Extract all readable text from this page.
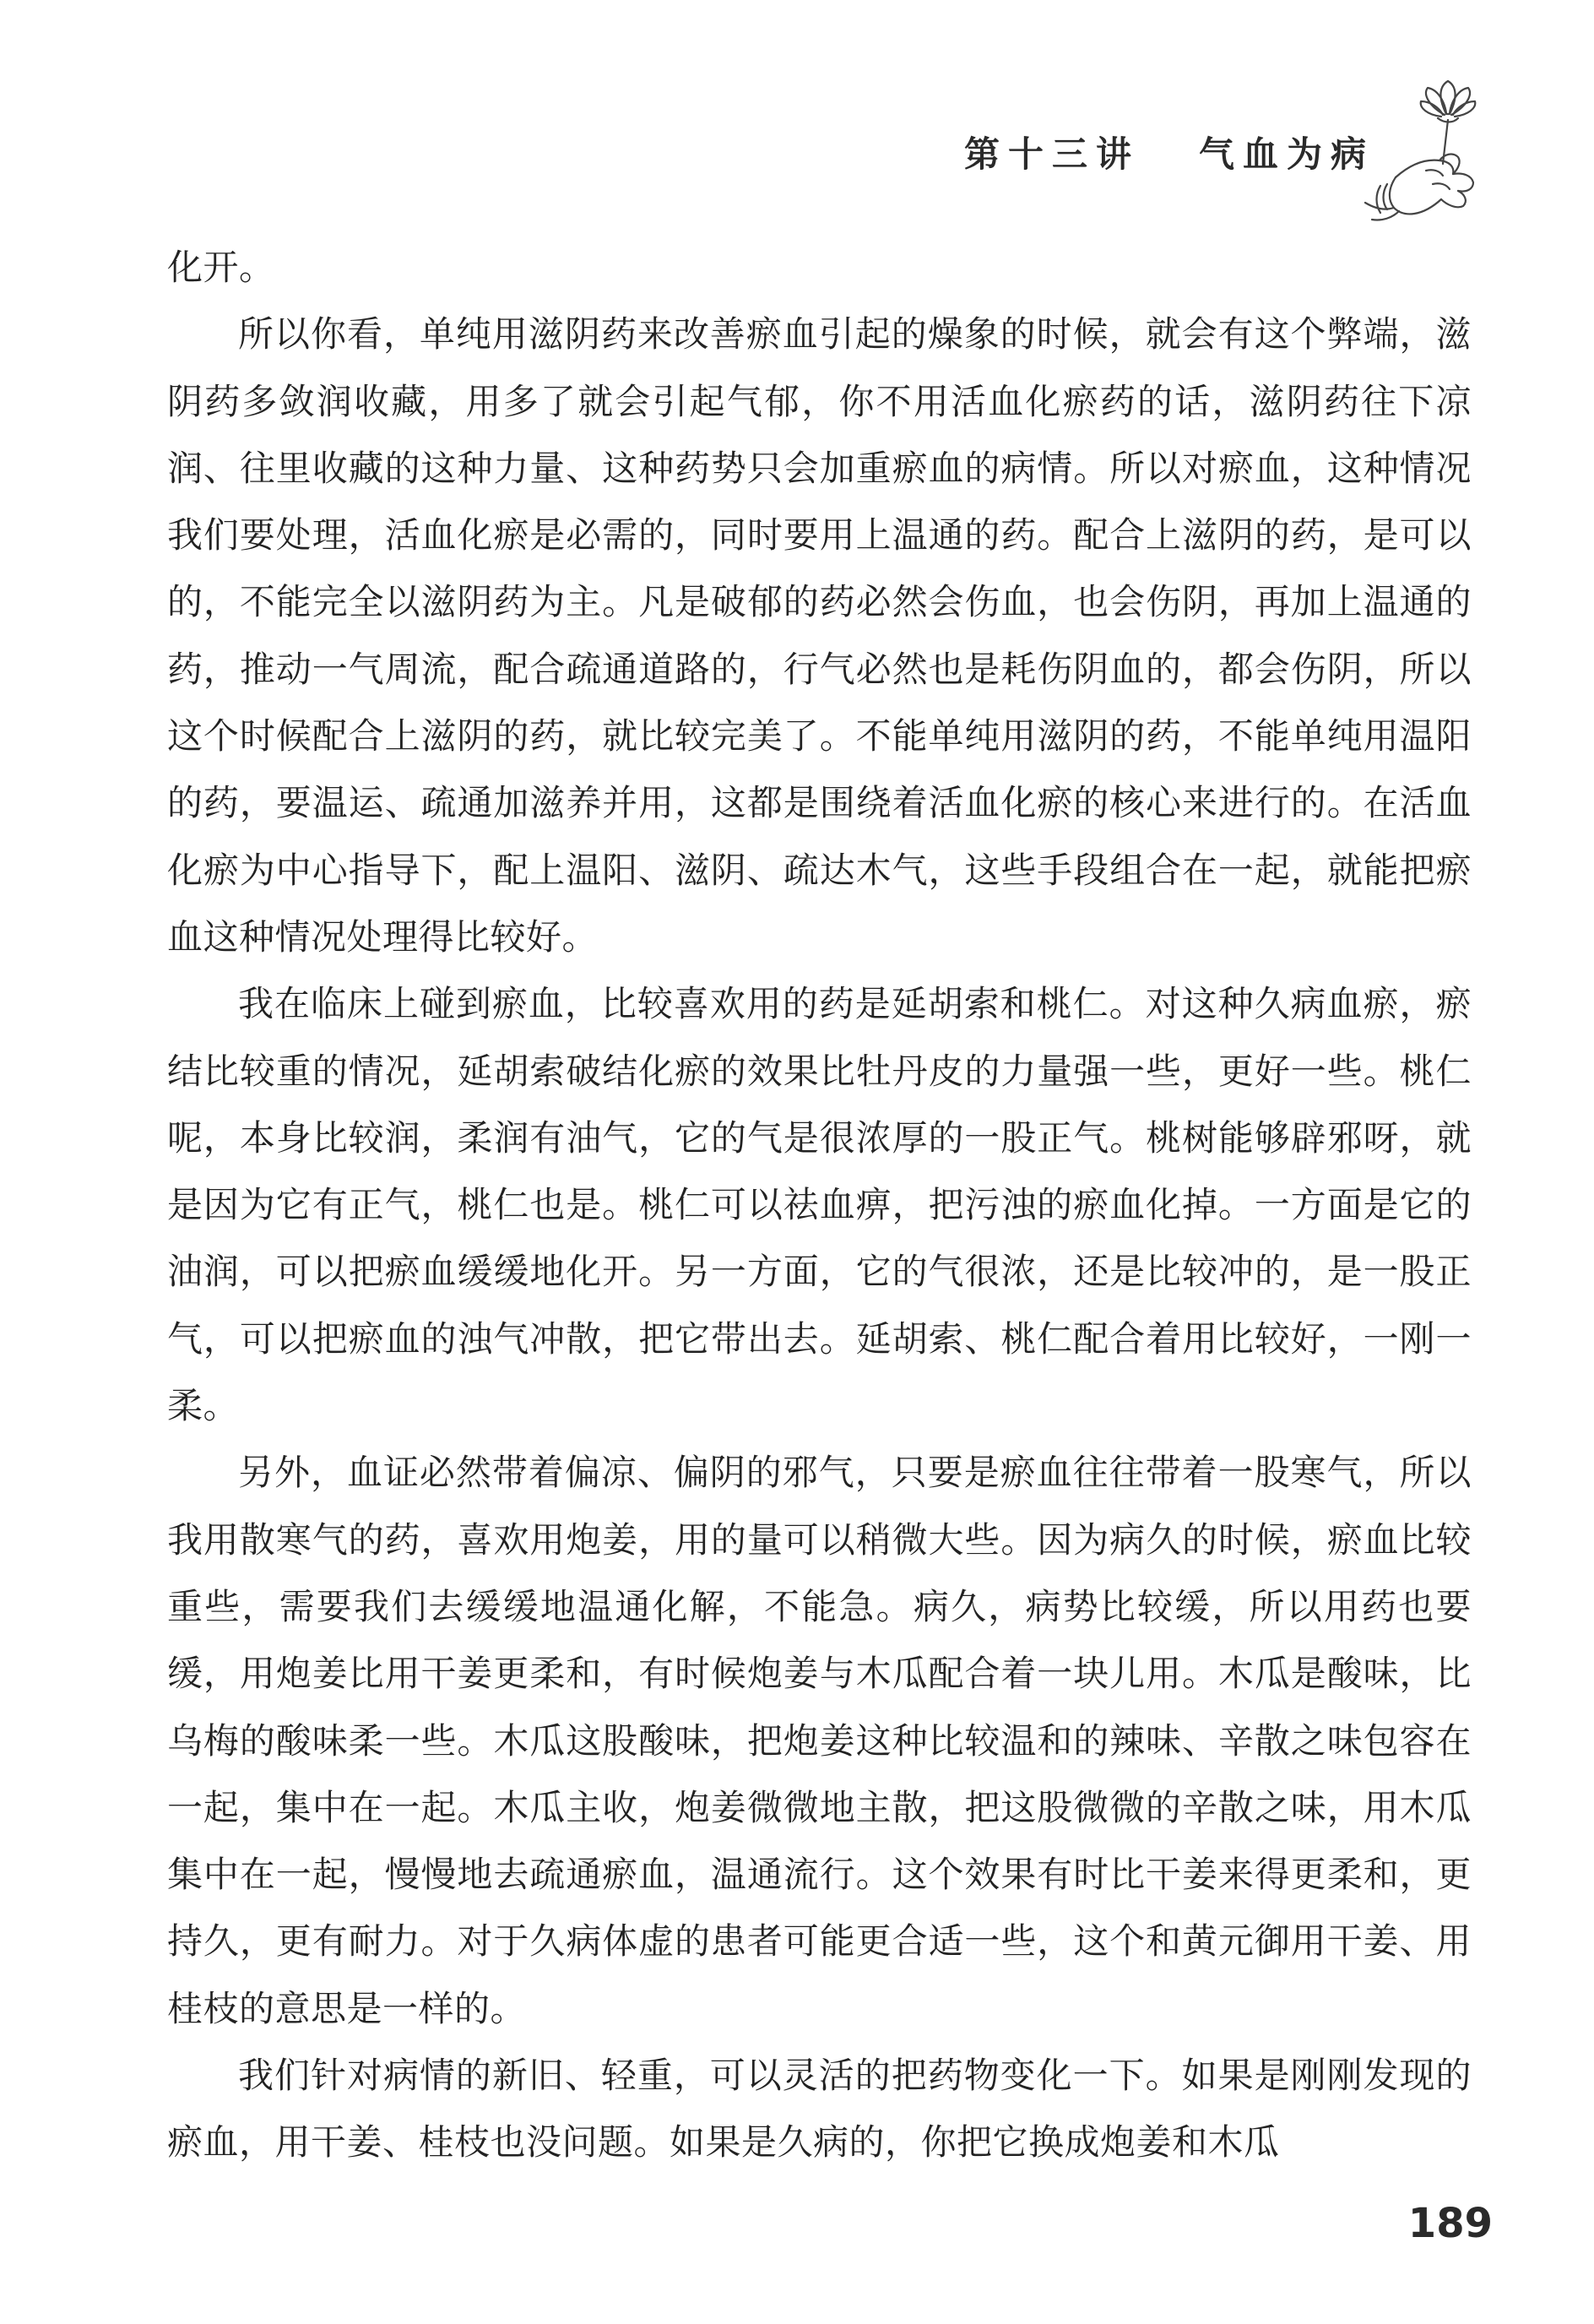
第十三讲 气血为病

化开。

所以你看，单纯用滋阴药来改善瘀血引起的燥象的时候，就会有这个弊端，滋阴药多敛润收藏，用多了就会引起气郁，你不用活血化瘀药的话，滋阴药往下凉润、往里收藏的这种力量、这种药势只会加重瘀血的病情。所以对瘀血，这种情况我们要处理，活血化瘀是必需的，同时要用上温通的药。配合上滋阴的药，是可以的，不能完全以滋阴药为主。凡是破郁的药必然会伤血，也会伤阴，再加上温通的药，推动一气周流，配合疏通道路的，行气必然也是耗伤阴血的，都会伤阴，所以这个时候配合上滋阴的药，就比较完美了。不能单纯用滋阴的药，不能单纯用温阳的药，要温运、疏通加滋养并用，这都是围绕着活血化瘀的核心来进行的。在活血化瘀为中心指导下，配上温阳、滋阴、疏达木气，这些手段组合在一起，就能把瘀血这种情况处理得比较好。

我在临床上碰到瘀血，比较喜欢用的药是延胡索和桃仁。对这种久病血瘀，瘀结比较重的情况，延胡索破结化瘀的效果比牡丹皮的力量强一些，更好一些。桃仁呢，本身比较润，柔润有油气，它的气是很浓厚的一股正气。桃树能够辟邪呀，就是因为它有正气，桃仁也是。桃仁可以祛血痹，把污浊的瘀血化掉。一方面是它的油润，可以把瘀血缓缓地化开。另一方面，它的气很浓，还是比较冲的，是一股正气，可以把瘀血的浊气冲散，把它带出去。延胡索、桃仁配合着用比较好，一刚一柔。

另外，血证必然带着偏凉、偏阴的邪气，只要是瘀血往往带着一股寒气，所以我用散寒气的药，喜欢用炮姜，用的量可以稍微大些。因为病久的时候，瘀血比较重些，需要我们去缓缓地温通化解，不能急。病久，病势比较缓，所以用药也要缓，用炮姜比用干姜更柔和，有时候炮姜与木瓜配合着一块儿用。木瓜是酸味，比乌梅的酸味柔一些。木瓜这股酸味，把炮姜这种比较温和的辣味、辛散之味包容在一起，集中在一起。木瓜主收，炮姜微微地主散，把这股微微的辛散之味，用木瓜集中在一起，慢慢地去疏通瘀血，温通流行。这个效果有时比干姜来得更柔和，更持久，更有耐力。对于久病体虚的患者可能更合适一些，这个和黄元御用干姜、用桂枝的意思是一样的。

我们针对病情的新旧、轻重，可以灵活的把药物变化一下。如果是刚刚发现的瘀血，用干姜、桂枝也没问题。如果是久病的，你把它换成炮姜和木瓜

189
